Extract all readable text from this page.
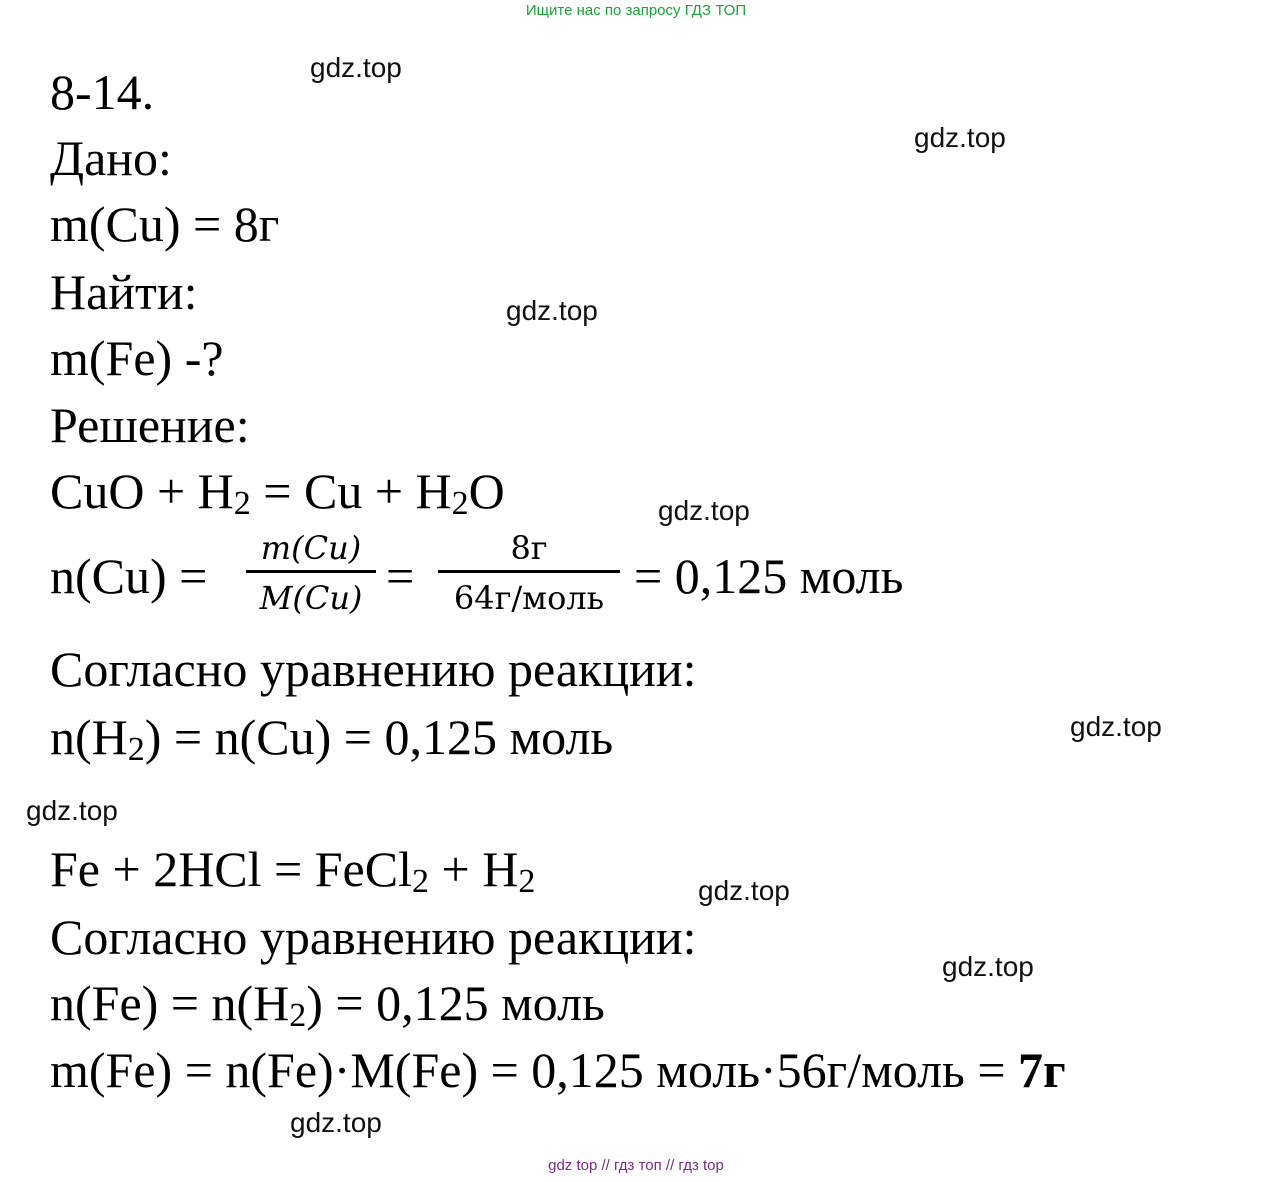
Ищите нас по запросу ГДЗ ТОП
8-14.
Дано:
m(Cu) = 8г
Найти:
m(Fe) -?
Решение:
CuO + $H_2 = Cu + H_2O$
n(Cu) =	m(Cu)
M(Cu) =	8г
64г/моль = 0,125 моль
Согласно уравнению реакции:
$n(H_2) = n(Cu) = 0,125$ моль
Fe + 2HCl = FeCl$_2$ + $H_2$
Согласно уравнению реакции:
$n(Fe) = n(H_2) = 0,125$ моль
m(Fe) = n(Fe)·M(Fe) = 0,125 моль·56г/моль = 7г
gdz.top
gdz.top
gdz.top
gdz.top
gdz.top
gdz.top
gdz.top
gdz.top
gdz.top
gdz top // гдз топ // гдз top
